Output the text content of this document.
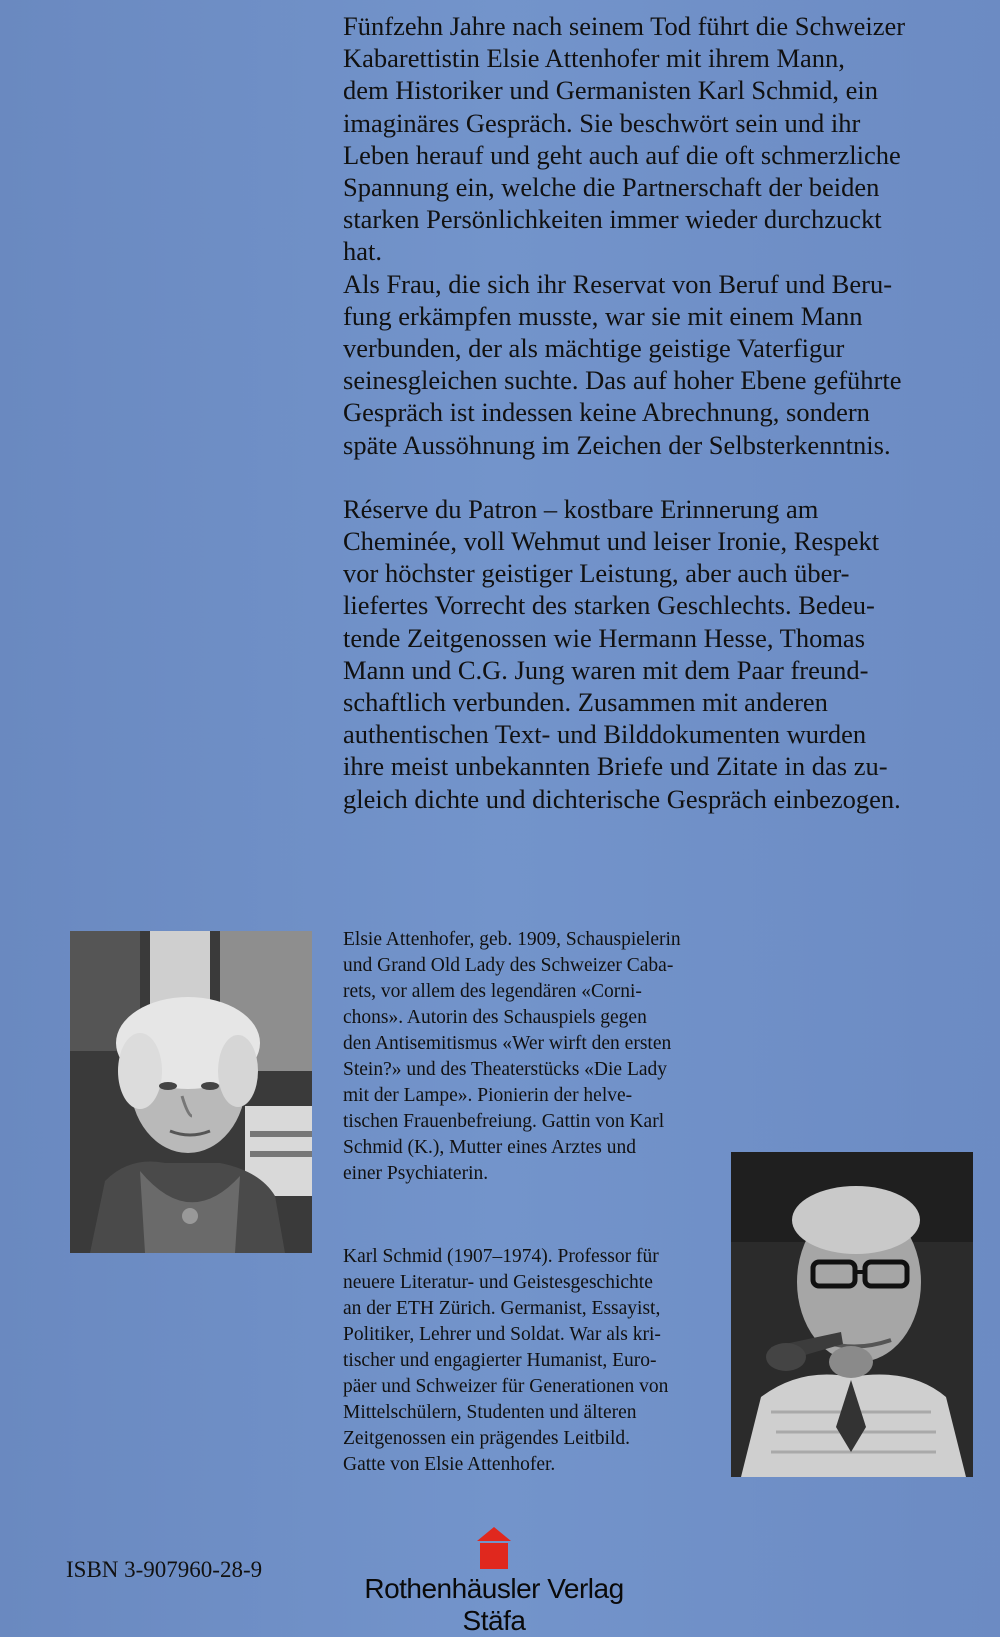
Fünfzehn Jahre nach seinem Tod führt die Schweizer
Kabarettistin Elsie Attenhofer mit ihrem Mann,
dem Historiker und Germanisten Karl Schmid, ein
imaginäres Gespräch. Sie beschwört sein und ihr
Leben herauf und geht auch auf die oft schmerzliche
Spannung ein, welche die Partnerschaft der beiden
starken Persönlichkeiten immer wieder durchzuckt
hat.
Als Frau, die sich ihr Reservat von Beruf und Beru-
fung erkämpfen musste, war sie mit einem Mann
verbunden, der als mächtige geistige Vaterfigur
seinesgleichen suchte. Das auf hoher Ebene geführte
Gespräch ist indessen keine Abrechnung, sondern
späte Aussöhnung im Zeichen der Selbsterkenntnis.

Réserve du Patron – kostbare Erinnerung am
Cheminée, voll Wehmut und leiser Ironie, Respekt
vor höchster geistiger Leistung, aber auch über-
liefertes Vorrecht des starken Geschlechts. Bedeu-
tende Zeitgenossen wie Hermann Hesse, Thomas
Mann und C.G. Jung waren mit dem Paar freund-
schaftlich verbunden. Zusammen mit anderen
authentischen Text- und Bilddokumenten wurden
ihre meist unbekannten Briefe und Zitate in das zu-
gleich dichte und dichterische Gespräch einbezogen.

Elsie Attenhofer, geb. 1909, Schauspielerin
und Grand Old Lady des Schweizer Caba-
rets, vor allem des legendären «Corni-
chons». Autorin des Schauspiels gegen
den Antisemitismus «Wer wirft den ersten
Stein?» und des Theaterstücks «Die Lady
mit der Lampe». Pionierin der helve-
tischen Frauenbefreiung. Gattin von Karl
Schmid (K.), Mutter eines Arztes und
einer Psychiaterin.

Karl Schmid (1907–1974). Professor für
neuere Literatur- und Geistesgeschichte
an der ETH Zürich. Germanist, Essayist,
Politiker, Lehrer und Soldat. War als kri-
tischer und engagierter Humanist, Euro-
päer und Schweizer für Generationen von
Mittelschülern, Studenten und älteren
Zeitgenossen ein prägendes Leitbild.
Gatte von Elsie Attenhofer.

ISBN 3-907960-28-9
Rothenhäusler Verlag Stäfa
